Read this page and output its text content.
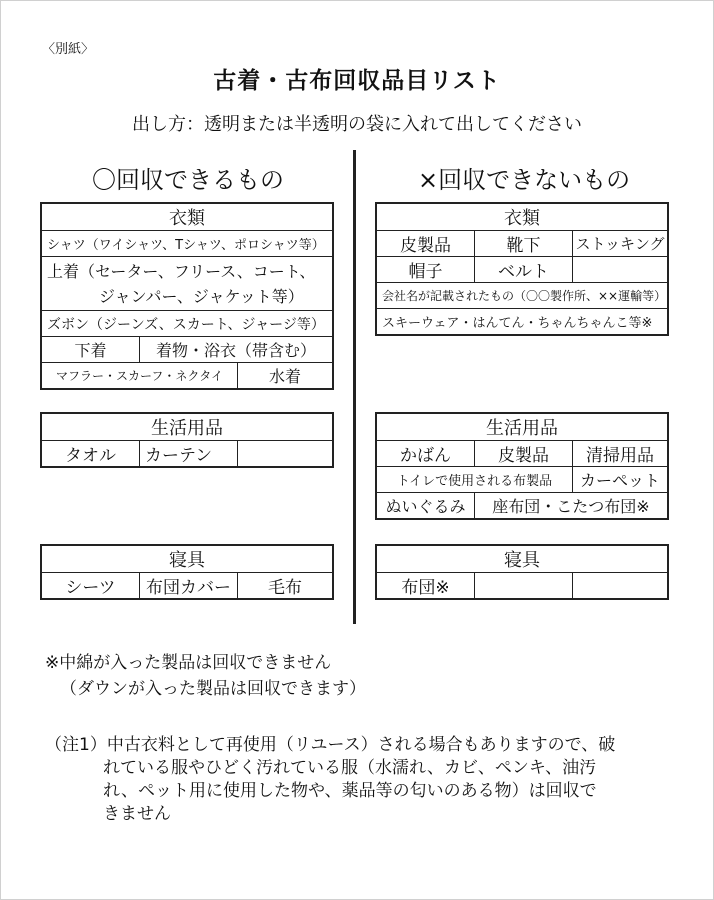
〈別紙〉
古着・古布回収品目リスト
出し方：透明または半透明の袋に入れて出してください
〇回収できるもの	×回収できないもの
衣類
シャツ（ワイシャツ、Tシャツ、ポロシャツ等）
上着（セーター、フリース、コート、
ジャンパー、ジャケット等）
ズボン（ジーンズ、スカート、ジャージ等）
下着	着物・浴衣（帯含む）
マフラー・スカーフ・ネクタイ	水着
生活用品
タオル	カーテン
寝具
シーツ	布団カバー	毛布
衣類
皮製品	靴下	ストッキング
帽子	ベルト
会社名が記載されたもの（〇〇製作所、××運輸等）
スキーウェア・はんてん・ちゃんちゃんこ等※
生活用品
かばん	皮製品	清掃用品
トイレで使用される布製品	カーペット
ぬいぐるみ	座布団・こたつ布団※
寝具
布団※
※中綿が入った製品は回収できません
（ダウンが入った製品は回収できます）
（注1）中古衣料として再使用（リユース）される場合もありますので、破
れている服やひどく汚れている服（水濡れ、カビ、ペンキ、油汚
れ、ペット用に使用した物や、薬品等の匂いのある物）は回収で
きません
